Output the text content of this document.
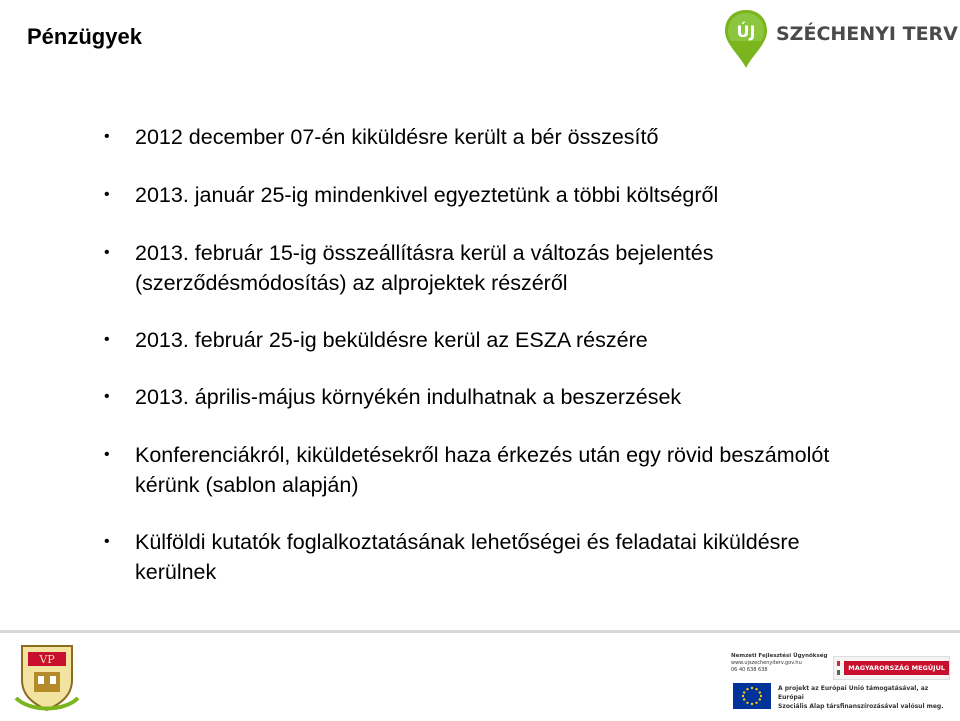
Pénzügyek	ÚJ SZÉCHENYI TERV
• 2012 december 07-én kiküldésre került a bér összesítő
• 2013. január 25-ig mindenkivel egyeztetünk a többi költségről
• 2013. február 15-ig összeállításra kerül a változás bejelentés
(szerződésmódosítás) az alprojektek részéről
• 2013. február 25-ig beküldésre kerül az ESZA részére
• 2013. április-május környékén indulhatnak a beszerzések
• Konferenciákról, kiküldetésekről haza érkezés után egy rövid beszámolót
kérünk (sablon alapján)
• Külföldi kutatók foglalkoztatásának lehetőségei és feladatai kiküldésre
kerülnek
VP	Nemzeti Fejlesztési Ügynökség
www.ujszechenyiterv.gov.hu
06 40 638 638	MAGYARORSZÁG MEGÚJUL
A projekt az Európai Unió támogatásával, az Európai
Szociális Alap társfinanszírozásával valósul meg.
